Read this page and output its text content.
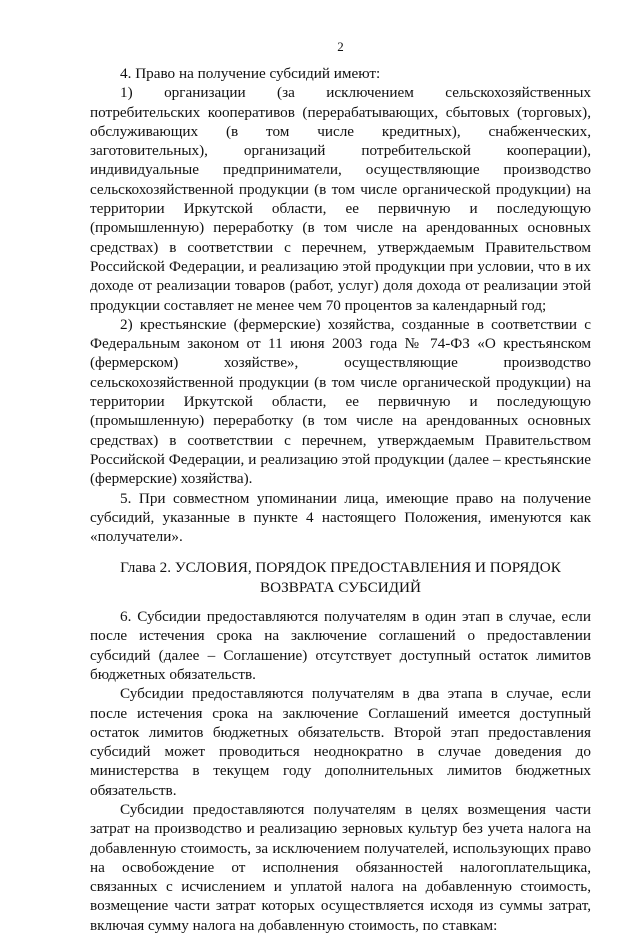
2

4. Право на получение субсидий имеют:

1) организации (за исключением сельскохозяйственных потребительских кооперативов (перерабатывающих, сбытовых (торговых), обслуживающих (в том числе кредитных), снабженческих, заготовительных), организаций потребительской кооперации), индивидуальные предприниматели, осуществляющие производство сельскохозяйственной продукции (в том числе органической продукции) на территории Иркутской области, ее первичную и последующую (промышленную) переработку (в том числе на арендованных основных средствах) в соответствии с перечнем, утверждаемым Правительством Российской Федерации, и реализацию этой продукции при условии, что в их доходе от реализации товаров (работ, услуг) доля дохода от реализации этой продукции составляет не менее чем 70 процентов за календарный год;

2) крестьянские (фермерские) хозяйства, созданные в соответствии с Федеральным законом от 11 июня 2003 года № 74-ФЗ «О крестьянском (фермерском) хозяйстве», осуществляющие производство сельскохозяйственной продукции (в том числе органической продукции) на территории Иркутской области, ее первичную и последующую (промышленную) переработку (в том числе на арендованных основных средствах) в соответствии с перечнем, утверждаемым Правительством Российской Федерации, и реализацию этой продукции (далее – крестьянские (фермерские) хозяйства).

5. При совместном упоминании лица, имеющие право на получение субсидий, указанные в пункте 4 настоящего Положения, именуются как «получатели».

Глава 2. УСЛОВИЯ, ПОРЯДОК ПРЕДОСТАВЛЕНИЯ И ПОРЯДОК
ВОЗВРАТА СУБСИДИЙ

6. Субсидии предоставляются получателям в один этап в случае, если после истечения срока на заключение соглашений о предоставлении субсидий (далее – Соглашение) отсутствует доступный остаток лимитов бюджетных обязательств.

Субсидии предоставляются получателям в два этапа в случае, если после истечения срока на заключение Соглашений имеется доступный остаток лимитов бюджетных обязательств. Второй этап предоставления субсидий может проводиться неоднократно в случае доведения до министерства в текущем году дополнительных лимитов бюджетных обязательств.

Субсидии предоставляются получателям в целях возмещения части затрат на производство и реализацию зерновых культур без учета налога на добавленную стоимость, за исключением получателей, использующих право на освобождение от исполнения обязанностей налогоплательщика, связанных с исчислением и уплатой налога на добавленную стоимость, возмещение части затрат которых осуществляется исходя из суммы затрат, включая сумму налога на добавленную стоимость, по ставкам:
